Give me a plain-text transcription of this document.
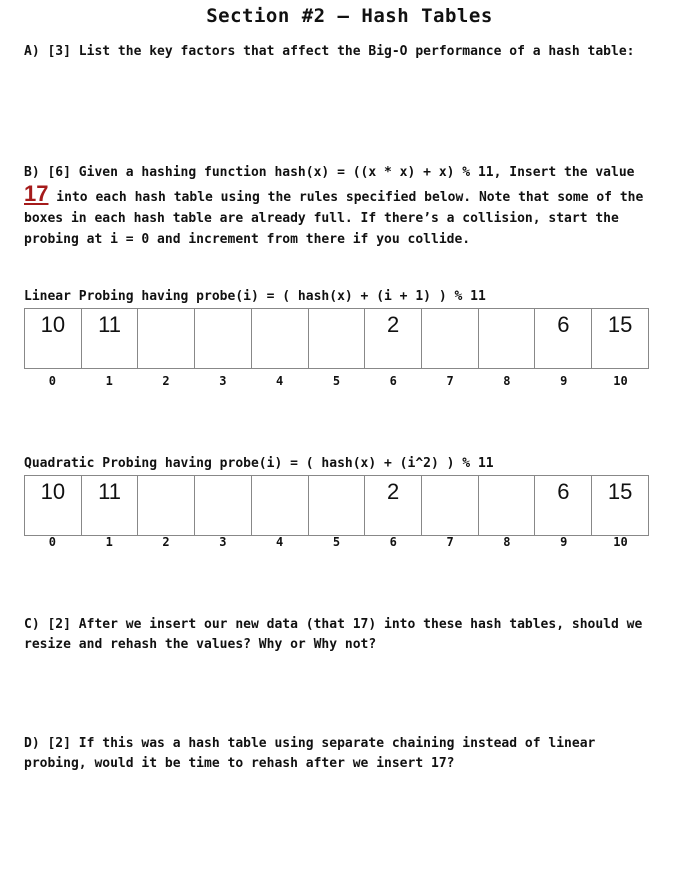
Section #2 – Hash Tables

A) [3] List the key factors that affect the Big-O performance of a hash table:

B) [6] Given a hashing function hash(x) = ((x * x) + x) % 11, Insert the value 17 into each hash table using the rules specified below. Note that some of the boxes in each hash table are already full. If there’s a collision, start the probing at i = 0 and increment from there if you collide.

Linear Probing having probe(i) = ( hash(x) + (i + 1) ) % 11
10	11					2			6	15
0	1	2	3	4	5	6	7	8	9	10
Quadratic Probing having probe(i) = ( hash(x) + (i^2) ) % 11
10	11					2			6	15
0	1	2	3	4	5	6	7	8	9	10

C) [2] After we insert our new data (that 17) into these hash tables, should we resize and rehash the values? Why or Why not?

D) [2] If this was a hash table using separate chaining instead of linear probing, would it be time to rehash after we insert 17?
